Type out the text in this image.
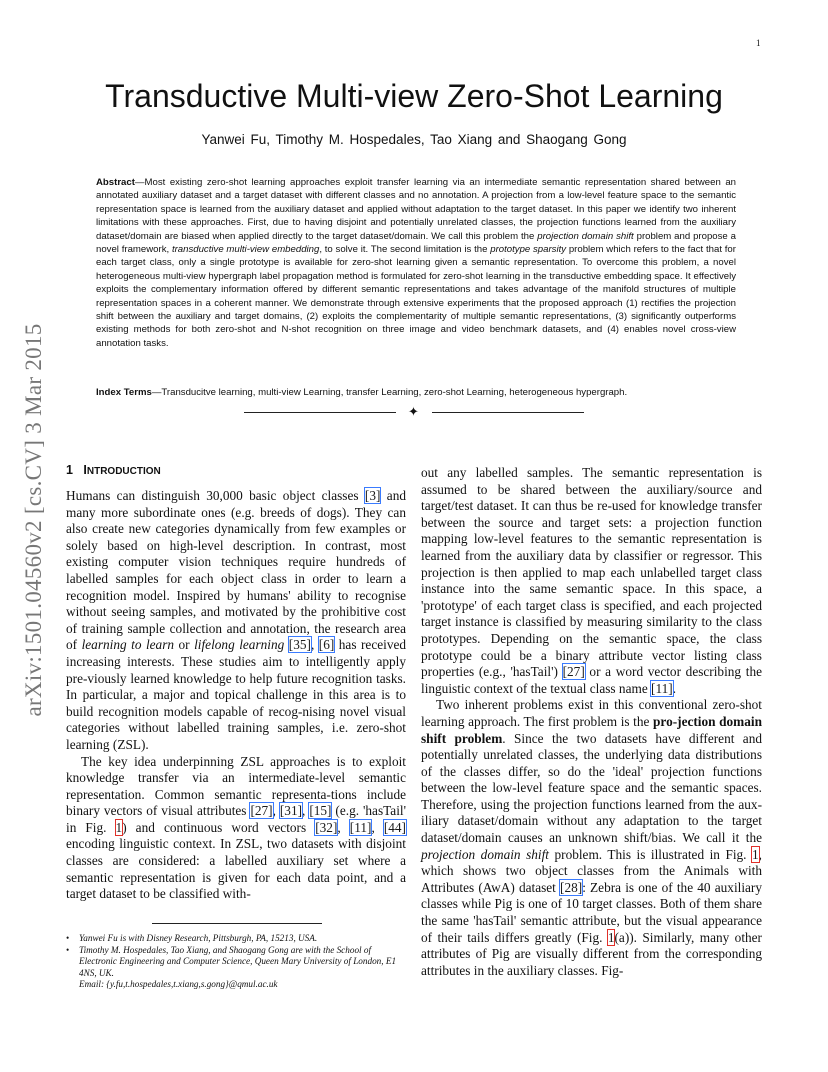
1
arXiv:1501.04560v2 [cs.CV] 3 Mar 2015
Transductive Multi-view Zero-Shot Learning
Yanwei Fu, Timothy M. Hospedales, Tao Xiang and Shaogang Gong

Abstract—Most existing zero-shot learning approaches exploit transfer learning via an intermediate semantic representation shared between an annotated auxiliary dataset and a target dataset with different classes and no annotation. A projection from a low-level feature space to the semantic representation space is learned from the auxiliary dataset and applied without adaptation to the target dataset. In this paper we identify two inherent limitations with these approaches. First, due to having disjoint and potentially unrelated classes, the projection functions learned from the auxiliary dataset/domain are biased when applied directly to the target dataset/domain. We call this problem the projection domain shift problem and propose a novel framework, transductive multi-view embedding, to solve it. The second limitation is the prototype sparsity problem which refers to the fact that for each target class, only a single prototype is available for zero-shot learning given a semantic representation. To overcome this problem, a novel heterogeneous multi-view hypergraph label propagation method is formulated for zero-shot learning in the transductive embedding space. It effectively exploits the complementary information offered by different semantic representations and takes advantage of the manifold structures of multiple representation spaces in a coherent manner. We demonstrate through extensive experiments that the proposed approach (1) rectifies the projection shift between the auxiliary and target domains, (2) exploits the complementarity of multiple semantic representations, (3) significantly outperforms existing methods for both zero-shot and N-shot recognition on three image and video benchmark datasets, and (4) enables novel cross-view annotation tasks.

Index Terms—Transducitve learning, multi-view Learning, transfer Learning, zero-shot Learning, heterogeneous hypergraph.

✦
1 INTRODUCTION

Humans can distinguish 30,000 basic object classes [3] and many more subordinate ones (e.g. breeds of dogs). They can also create new categories dynamically from few examples or solely based on high-level description. In contrast, most existing computer vision techniques require hundreds of labelled samples for each object class in order to learn a recognition model. Inspired by humans' ability to recognise without seeing samples, and motivated by the prohibitive cost of training sample collection and annotation, the research area of learning to learn or lifelong learning [35], [6] has received increasing interests. These studies aim to intelligently apply pre-viously learned knowledge to help future recognition tasks. In particular, a major and topical challenge in this area is to build recognition models capable of recog-nising novel visual categories without labelled training samples, i.e. zero-shot learning (ZSL).

The key idea underpinning ZSL approaches is to exploit knowledge transfer via an intermediate-level semantic representation. Common semantic representa-tions include binary vectors of visual attributes [27], [31], [15] (e.g. 'hasTail' in Fig. 1) and continuous word vectors [32], [11], [44] encoding linguistic context. In ZSL, two datasets with disjoint classes are considered: a labelled auxiliary set where a semantic representation is given for each data point, and a target dataset to be classified with-

• Yanwei Fu is with Disney Research, Pittsburgh, PA, 15213, USA.
• Timothy M. Hospedales, Tao Xiang, and Shaogang Gong are with the School of Electronic Engineering and Computer Science, Queen Mary University of London, E1 4NS, UK.
Email: {y.fu,t.hospedales,t.xiang,s.gong}@qmul.ac.uk

out any labelled samples. The semantic representation is assumed to be shared between the auxiliary/source and target/test dataset. It can thus be re-used for knowledge transfer between the source and target sets: a projection function mapping low-level features to the semantic representation is learned from the auxiliary data by classifier or regressor. This projection is then applied to map each unlabelled target class instance into the same semantic space. In this space, a 'prototype' of each target class is specified, and each projected target instance is classified by measuring similarity to the class prototypes. Depending on the semantic space, the class prototype could be a binary attribute vector listing class properties (e.g., 'hasTail') [27] or a word vector describing the linguistic context of the textual class name [11].

Two inherent problems exist in this conventional zero-shot learning approach. The first problem is the pro-jection domain shift problem. Since the two datasets have different and potentially unrelated classes, the underlying data distributions of the classes differ, so do the 'ideal' projection functions between the low-level feature space and the semantic spaces. Therefore, using the projection functions learned from the aux-iliary dataset/domain without any adaptation to the target dataset/domain causes an unknown shift/bias. We call it the projection domain shift problem. This is illustrated in Fig. 1, which shows two object classes from the Animals with Attributes (AwA) dataset [28]: Zebra is one of the 40 auxiliary classes while Pig is one of 10 target classes. Both of them share the same 'hasTail' semantic attribute, but the visual appearance of their tails differs greatly (Fig. 1(a)). Similarly, many other attributes of Pig are visually different from the corresponding attributes in the auxiliary classes. Fig-
